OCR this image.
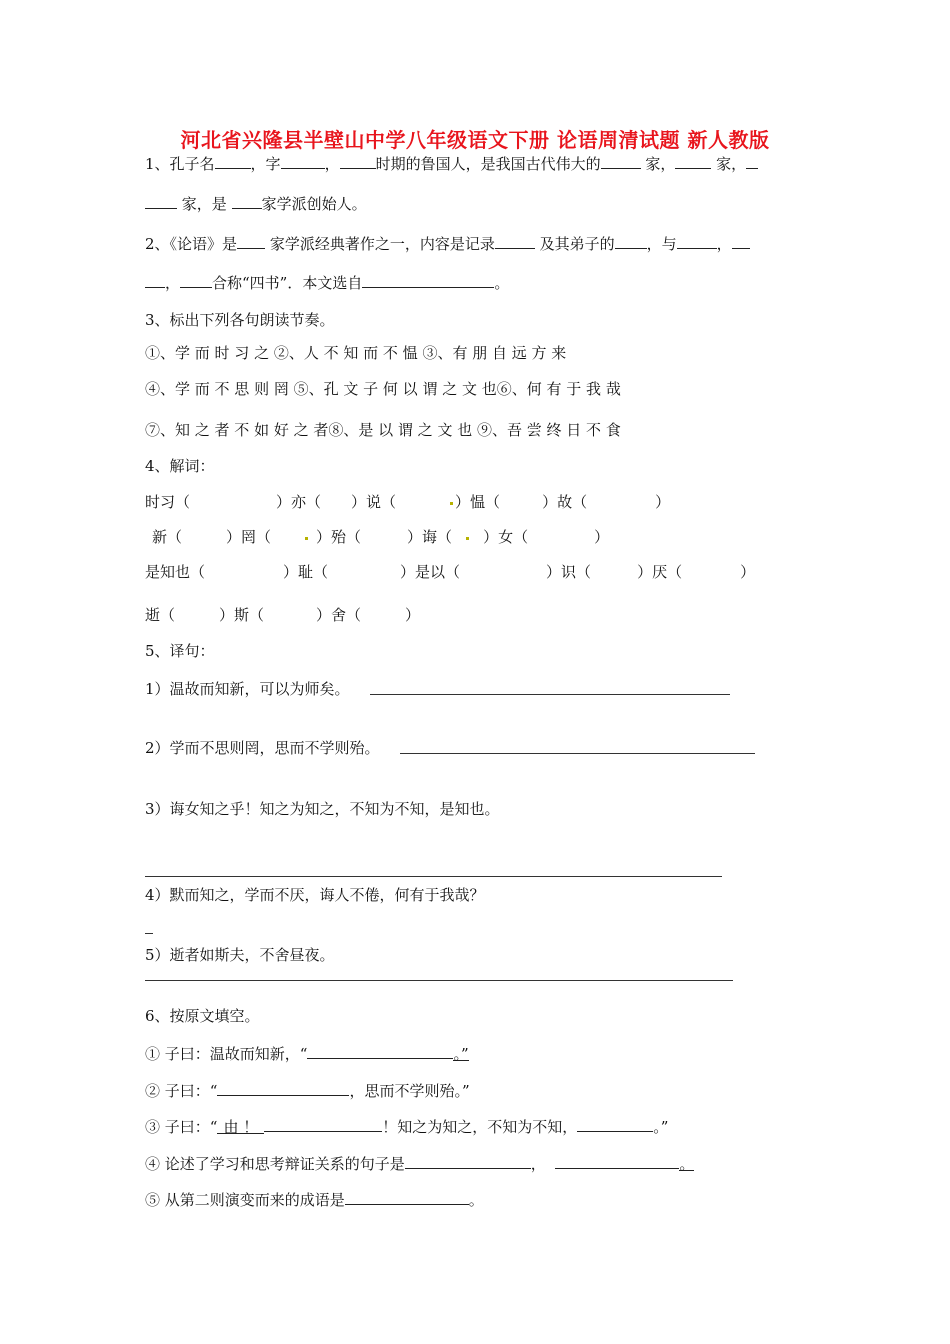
河北省兴隆县半壁山中学八年级语文下册 论语周清试题 新人教版
1、孔子名 ，字	， 时期的鲁国人，是我国古代伟大的	家，	家，
家，是 家学派创始人。
2、《论语》是 家学派经典著作之一，内容是记录	及其弟子的 ，与	，
， 合称“四书”．本文选自	。
3、标出下列各句朗读节奏。
①、学 而 时 习 之 ②、人 不 知 而 不 愠 ③、有 朋 自 远 方 来
④、学 而 不 思 则 罔 ⑤、孔 文 子 何 以 谓 之 文 也⑥、何 有 于 我 哉
⑦、知 之 者 不 如 好 之 者⑧、是 以 谓 之 文 也 ⑨、吾 尝 终 日 不 食
4、解词：
时习（	）亦（ ）说（	）愠（	）故（	）
新（	）罔（	）殆（	）诲（ ）女（	）
是知也（	）耻（	）是以（	）识（	）厌（	）
逝（	）斯（	）舍（	）
5、译句：
1）温故而知新，可以为师矣。
2）学而不思则罔，思而不学则殆。
3）诲女知之乎！知之为知之，不知为不知，是知也。
4）默而知之，学而不厌，诲人不倦，何有于我哉？
5）逝者如斯夫，不舍昼夜。
6、按原文填空。
① 子曰：温故而知新，“	。”
② 子曰：“	，思而不学则殆。”
③ 子曰：“ 由 ！	！知之为知之，不知为不知，	。”
④ 论述了学习和思考辩证关系的句子是	，	。
⑤ 从第二则演变而来的成语是	。
